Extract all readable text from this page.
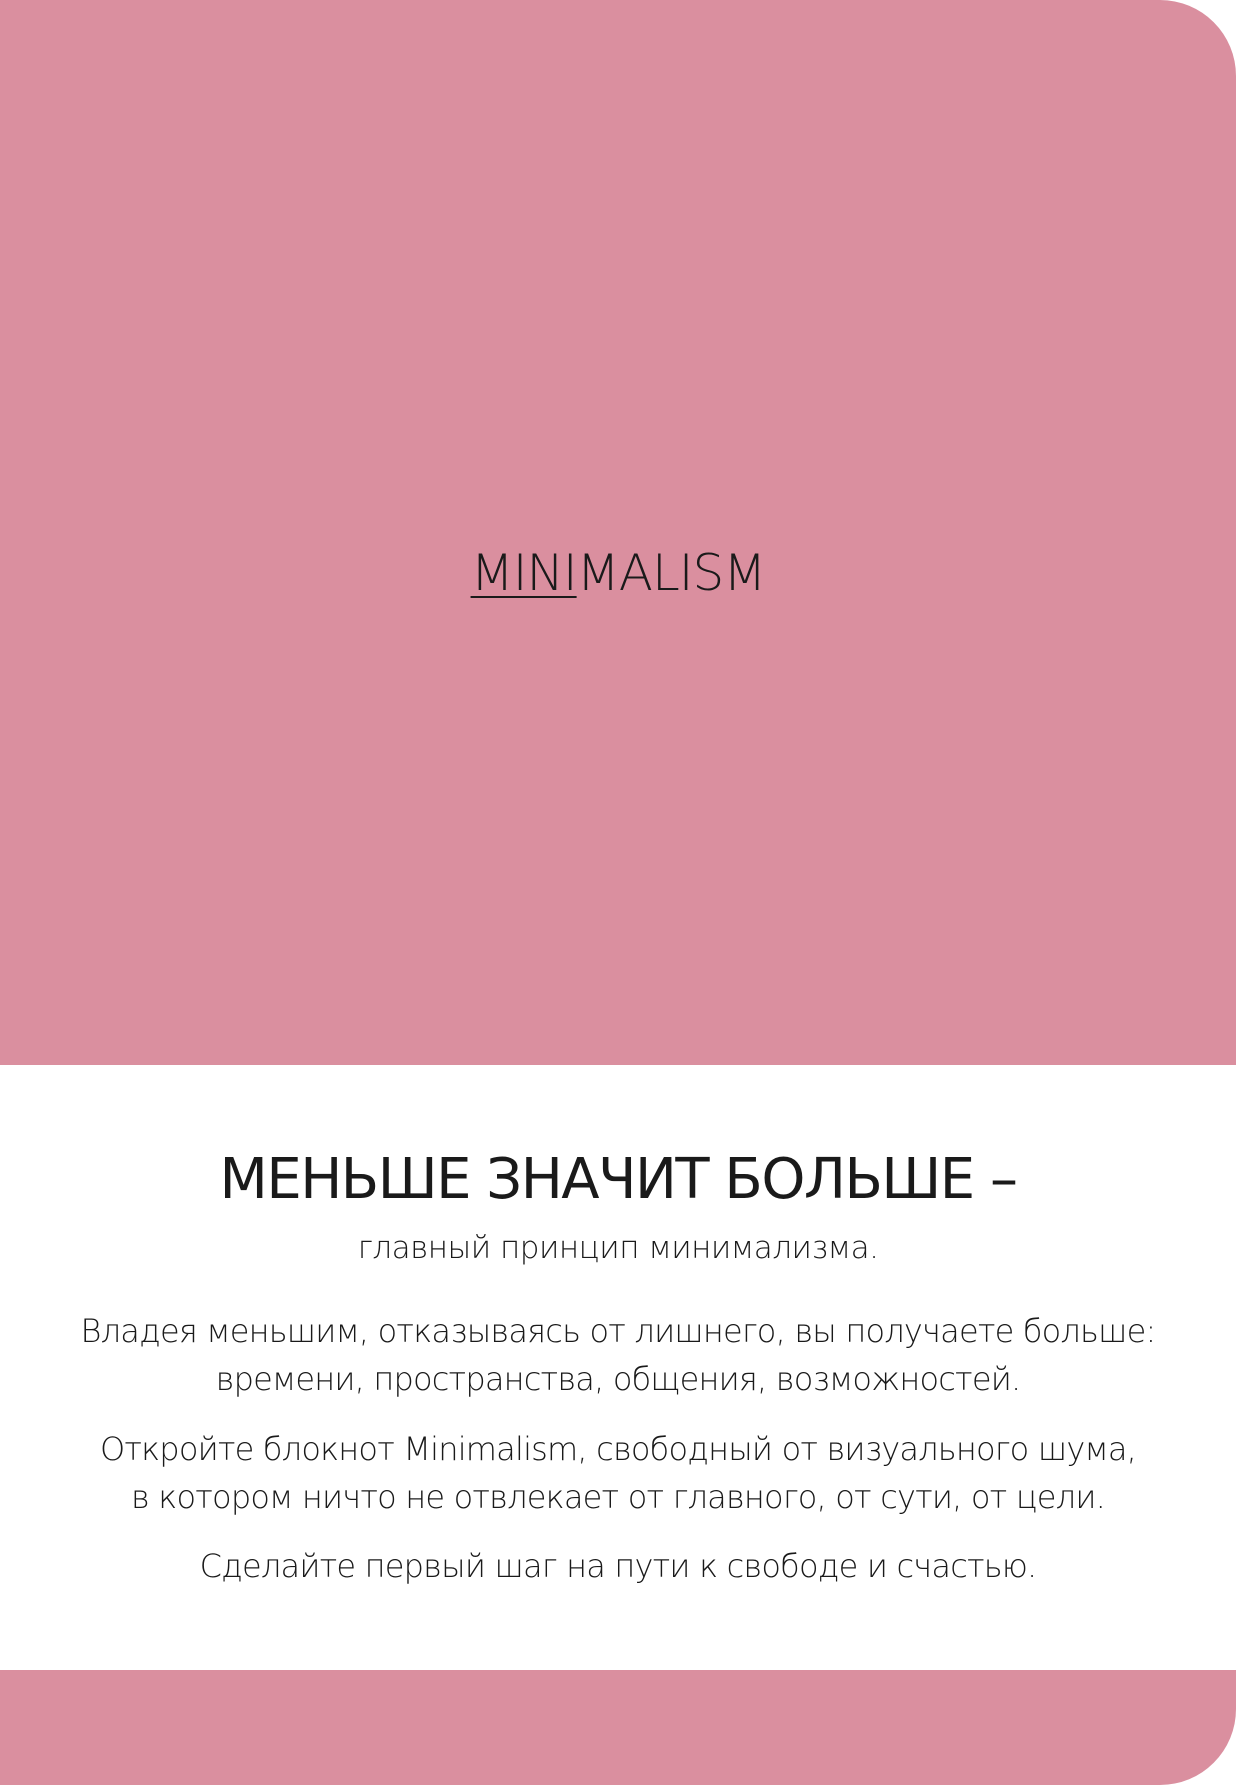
MINIMALISM
МЕНЬШЕ ЗНАЧИТ БОЛЬШЕ –
главный принцип минимализма.
Владея меньшим, отказываясь от лишнего, вы получаете больше:
времени, пространства, общения, возможностей.
Откройте блокнот Minimalism, свободный от визуального шума,
в котором ничто не отвлекает от главного, от сути, от цели.
Сделайте первый шаг на пути к свободе и счастью.
